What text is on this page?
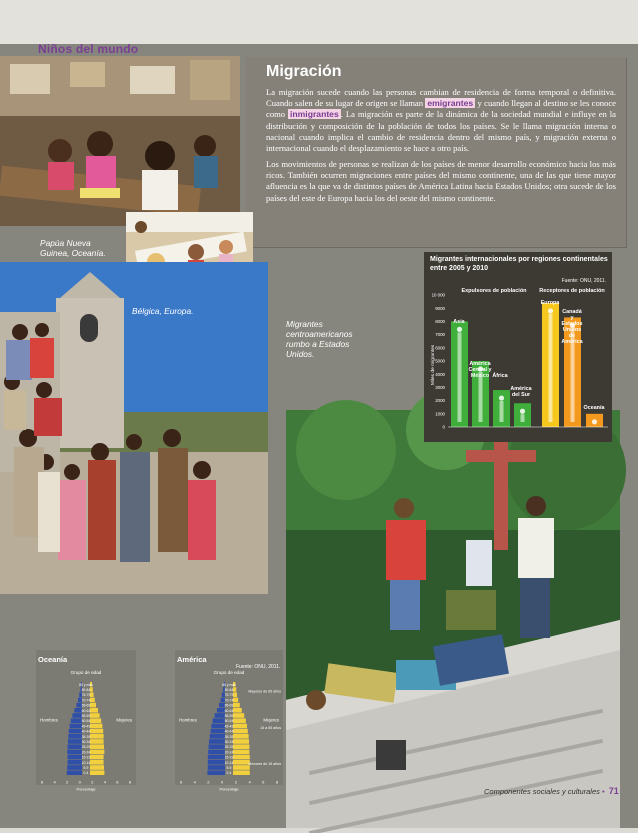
Niños del mundo
Migración

La migración sucede cuando las personas cambian de residencia de forma temporal o definitiva. Cuando salen de su lugar de origen se llaman emigrantes y cuando llegan al destino se les conoce como inmigrantes . La migración es parte de la dinámica de la sociedad mundial e influye en la distribución y composición de la población de todos los países. Se le llama migración interna o nacional cuando implica el cambio de residencia dentro del mismo país, y migración externa o internacional cuando el desplazamiento se hace a otro país.

Los movimientos de personas se realizan de los países de menor desarrollo económico hacia los más ricos. También ocurren migraciones entre países del mismo continente, una de las que tiene mayor afluencia es la que va de distintos países de América Latina hacia Estados Unidos; otra sucede de los países del este de Europa hacia los del oeste del mismo continente.

Papúa Nueva Guinea, Oceanía.
Bélgica, Europa.
Migrantes centroamericanos rumbo a Estados Unidos.
Migrantes internacionales por regiones continentales entre 2005 y 2010
Fuente: ONU, 2011.
Expulsores de población Receptores de población
Miles de migrantes
10 000
9000
8000
7000
6000
5000
4000
3000
2000
1000
0
Asia
América
Central y
México África
América
del Sur
Europa
Canadá
y
Estados
Unidos
de
América
Oceanía
Oceanía
Grupo de edad
85 y más
80-84
75-79
70-74
65-69
60-64
55-59
50-54
45-49
40-44
35-39
30-34
25-29
20-24
15-19
10-14
5-9
0-4
Hombres	Mujeres
6	4	2	0	2	4	6	8
Porcentaje
América
Fuente: ONU, 2011.
Grupo de edad
85 y más
80-84
75-79
70-74
65-69
60-64
55-59
50-54
45-49
40-44
35-39
30-34
25-29
20-24
15-19
10-14
5-9
0-4
Hombres	Mujeres
Mayores de 65 años
15 a 65 años
Menores de 15 años
6	4	2	0	2	4	6	8
Porcentaje	Componentes sociales y culturales • 71
